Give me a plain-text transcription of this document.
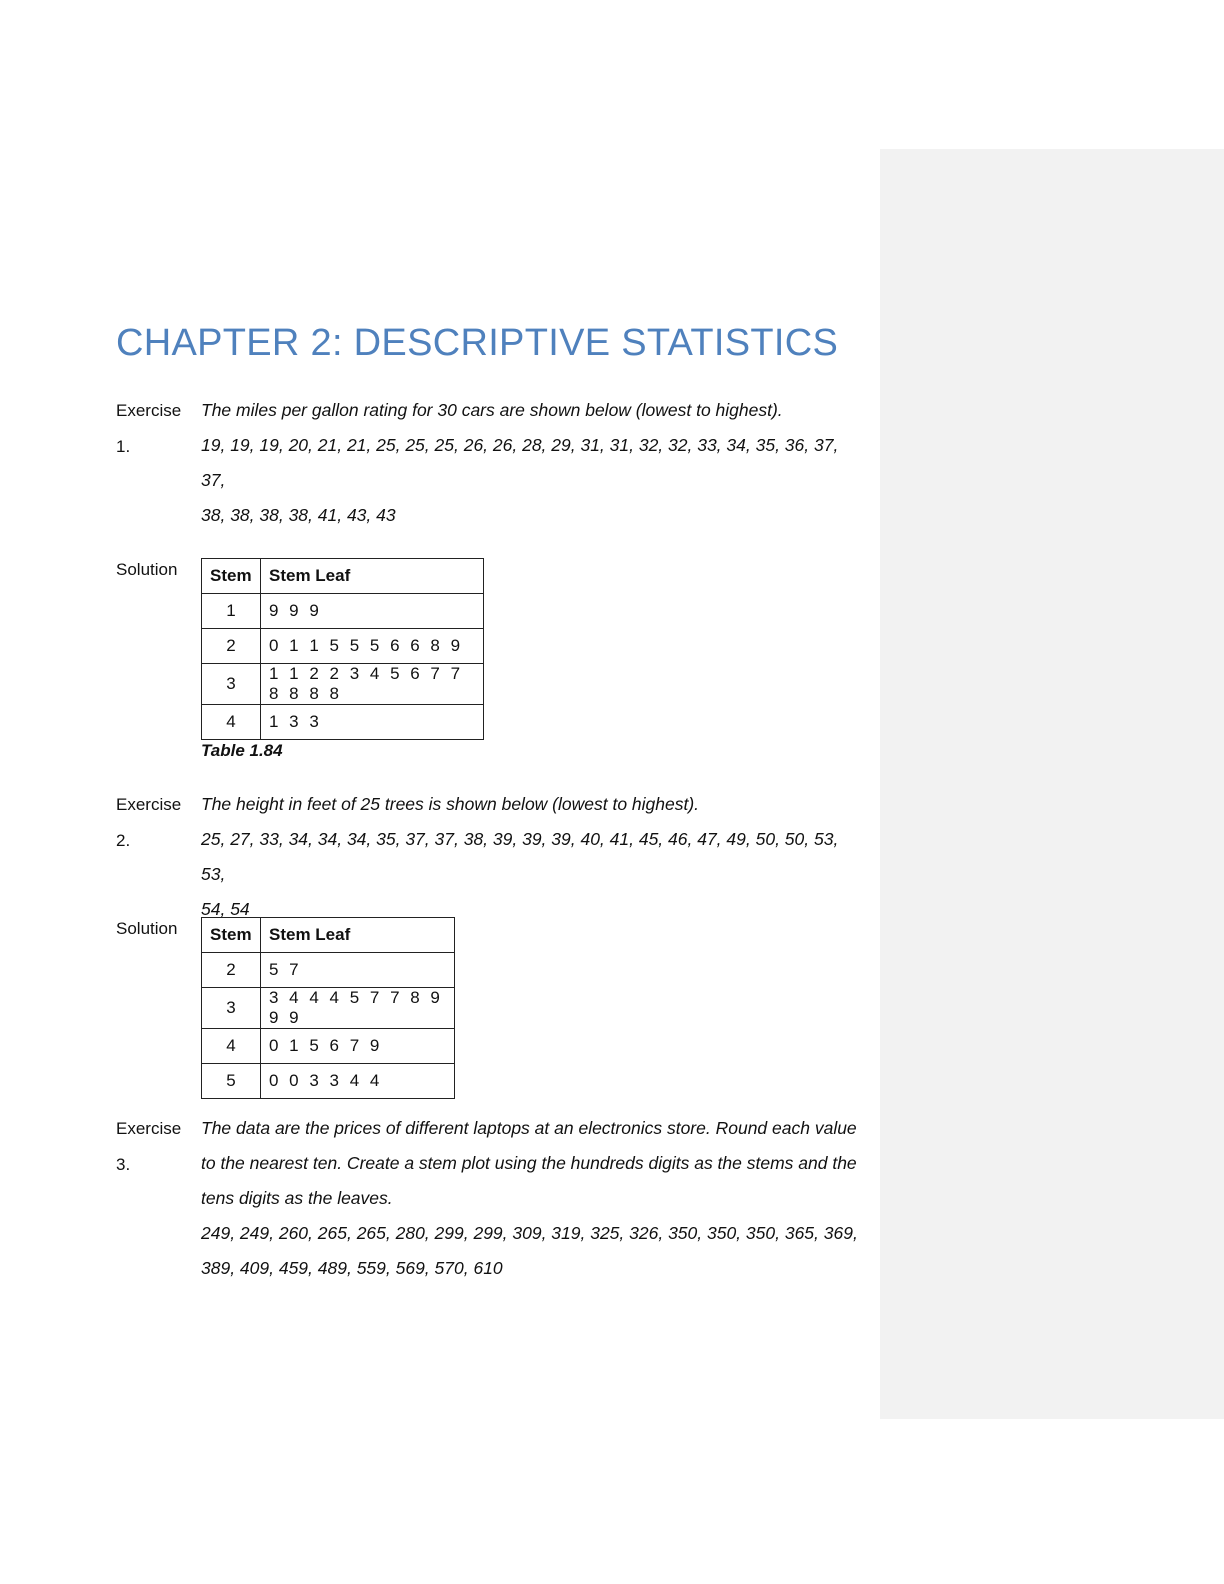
CHAPTER 2: DESCRIPTIVE STATISTICS
Exercise
1.

The miles per gallon rating for 30 cars are shown below (lowest to highest).

19, 19, 19, 20, 21, 21, 25, 25, 25, 26, 26, 28, 29, 31, 31, 32, 32, 33, 34, 35, 36, 37, 37,

38, 38, 38, 38, 41, 43, 43

Solution Stem	Stem Leaf
1	9 9 9
2	0 1 1 5 5 5 6 6 8 9
3	1 1 2 2 3 4 5 6 7 7 8 8 8 8
4	1 3 3
Table 1.84
Exercise
2.

The height in feet of 25 trees is shown below (lowest to highest).

25, 27, 33, 34, 34, 34, 35, 37, 37, 38, 39, 39, 39, 40, 41, 45, 46, 47, 49, 50, 50, 53, 53,

54, 54

Solution Stem	Stem Leaf
2	5 7
3	3 4 4 4 5 7 7 8 9 9 9
4	0 1 5 6 7 9
5	0 0 3 3 4 4
Exercise
3.

The data are the prices of different laptops at an electronics store. Round each value

to the nearest ten. Create a stem plot using the hundreds digits as the stems and the

tens digits as the leaves.

249, 249, 260, 265, 265, 280, 299, 299, 309, 319, 325, 326, 350, 350, 350, 365, 369,

389, 409, 459, 489, 559, 569, 570, 610
